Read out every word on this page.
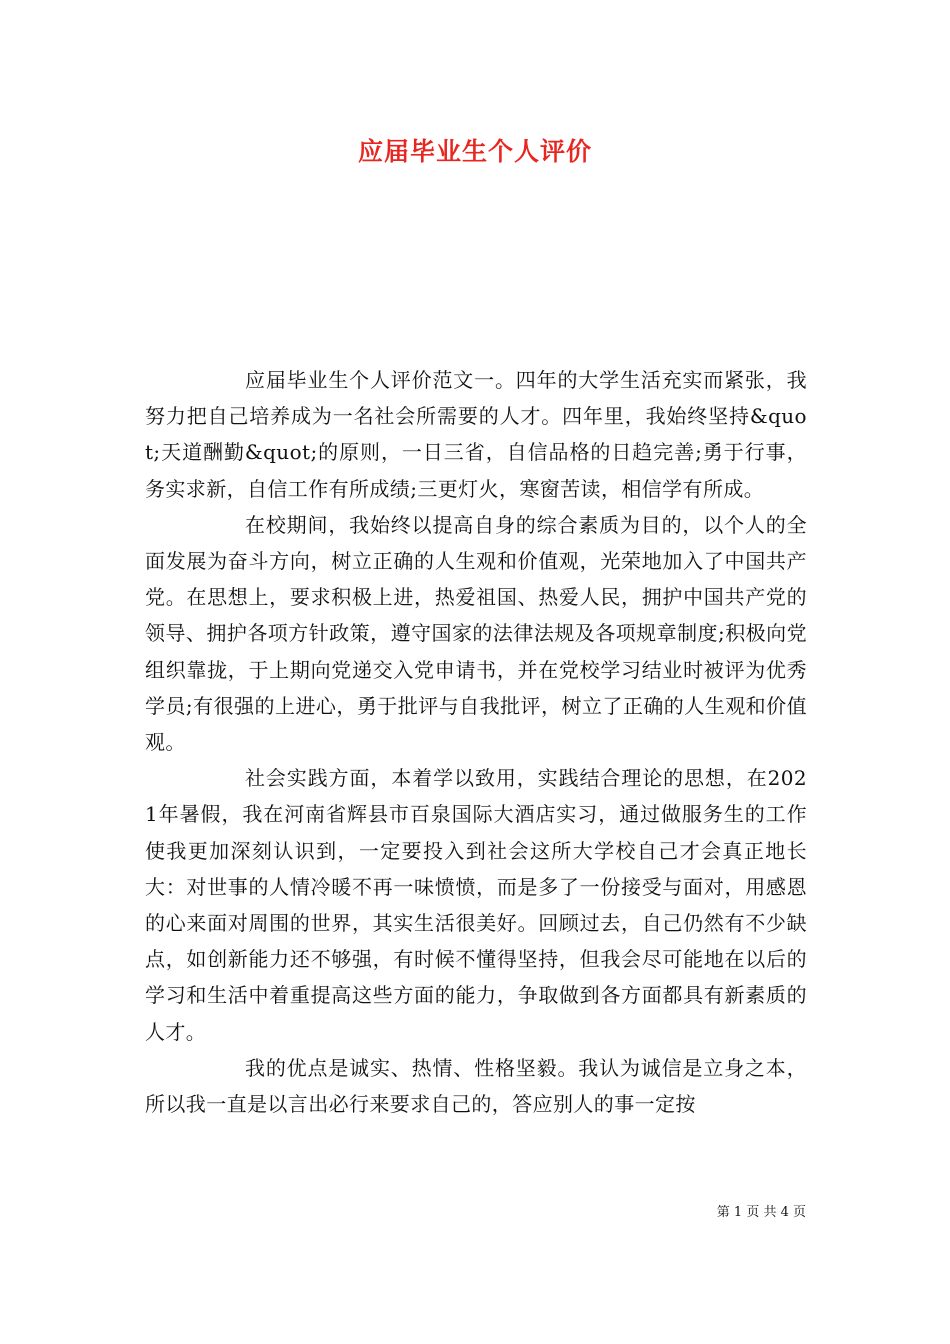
应届毕业生个人评价

应届毕业生个人评价范文一。四年的大学生活充实而紧张，我努力把自己培养成为一名社会所需要的人才。四年里，我始终坚持&quot;天道酬勤&quot;的原则，一日三省，自信品格的日趋完善;勇于行事，务实求新，自信工作有所成绩;三更灯火，寒窗苦读，相信学有所成。

在校期间，我始终以提高自身的综合素质为目的，以个人的全面发展为奋斗方向，树立正确的人生观和价值观，光荣地加入了中国共产党。在思想上，要求积极上进，热爱祖国、热爱人民，拥护中国共产党的领导、拥护各项方针政策，遵守国家的法律法规及各项规章制度;积极向党组织靠拢，于上期向党递交入党申请书，并在党校学习结业时被评为优秀学员;有很强的上进心，勇于批评与自我批评，树立了正确的人生观和价值观。

社会实践方面，本着学以致用，实践结合理论的思想，在2021年暑假，我在河南省辉县市百泉国际大酒店实习，通过做服务生的工作使我更加深刻认识到，一定要投入到社会这所大学校自己才会真正地长大：对世事的人情冷暖不再一味愤愤，而是多了一份接受与面对，用感恩的心来面对周围的世界，其实生活很美好。回顾过去，自己仍然有不少缺点，如创新能力还不够强，有时候不懂得坚持，但我会尽可能地在以后的学习和生活中着重提高这些方面的能力，争取做到各方面都具有新素质的人才。

我的优点是诚实、热情、性格坚毅。我认为诚信是立身之本，所以我一直是以言出必行来要求自己的，答应别人的事一定按

第 1 页 共 4 页
